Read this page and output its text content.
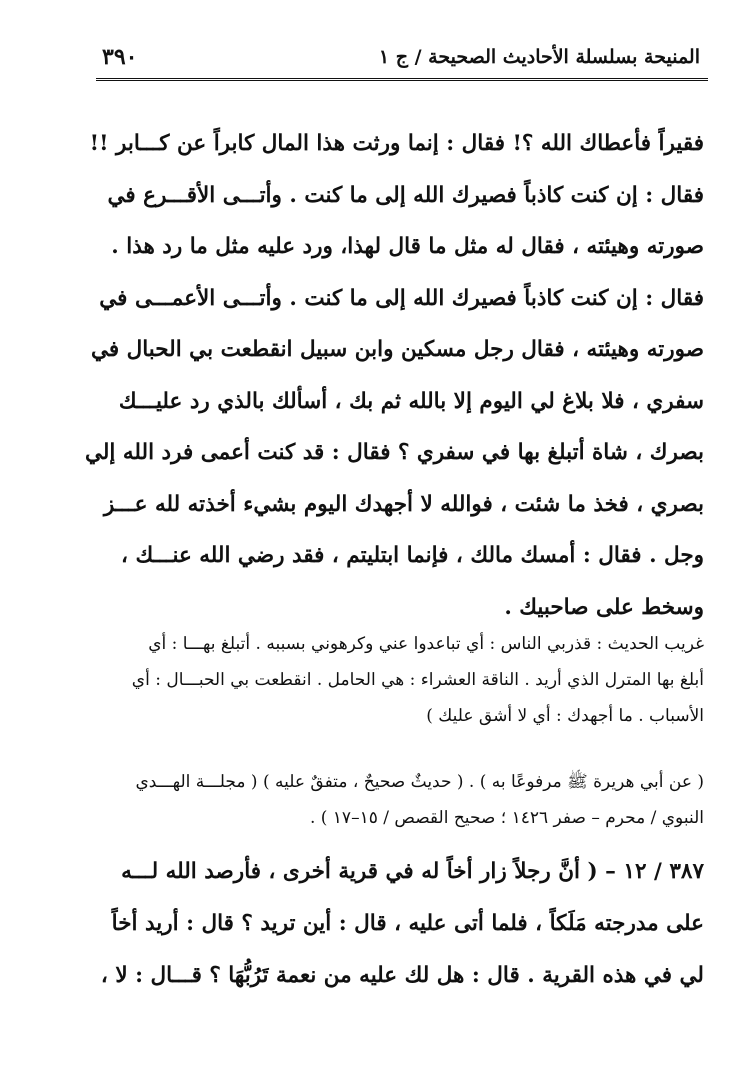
المنيحة بسلسلة الأحاديث الصحيحة / ج ١
٣٩٠
فقيراً فأعطاك الله ؟! فقال : إنما ورثت هذا المال كابراً عن كـــابر !!
فقال : إن كنت كاذباً فصيرك الله إلى ما كنت . وأتـــى الأقـــرع في
صورته وهيئته ، فقال له مثل ما قال لهذا، ورد عليه مثل ما رد هذا .
فقال : إن كنت كاذباً فصيرك الله إلى ما كنت . وأتـــى الأعمـــى في
صورته وهيئته ، فقال رجل مسكين وابن سبيل انقطعت بي الحبال في
سفري ، فلا بلاغ لي اليوم إلا بالله ثم بك ، أسألك بالذي رد عليـــك
بصرك ، شاة أتبلغ بها في سفري ؟ فقال : قد كنت أعمى فرد الله إلي
بصري ، فخذ ما شئت ، فوالله لا أجهدك اليوم بشيء أخذته لله عـــز
وجل . فقال : أمسك مالك ، فإنما ابتليتم ، فقد رضي الله عنـــك ،
وسخط على صاحبيك .
غريب الحديث : قذربي الناس : أي تباعدوا عني وكرهوني بسببه . أتبلغ بهـــا : أي
أبلغ بها المترل الذي أريد . الناقة العشراء : هي الحامل . انقطعت بي الحبـــال : أي
الأسباب . ما أجهدك : أي لا أشق عليك )
( عن أبي هريرة ﷺ مرفوعًا به ) . ( حديثٌ صحيحٌ ، متفقٌ عليه ) ( مجلـــة الهـــدي
النبوي / محرم – صفر ١٤٢٦ ؛ صحيح القصص / ١٥–١٧ ) .
٣٨٧ / ١٢ – ( أنَّ رجلاً زار أخاً له في قرية أخرى ، فأرصد الله لـــه
على مدرجته مَلَكاً ، فلما أتى عليه ، قال : أين تريد ؟ قال : أريد أخاً
لي في هذه القرية . قال : هل لك عليه من نعمة تَرُبُّهَا ؟ قـــال : لا ،
